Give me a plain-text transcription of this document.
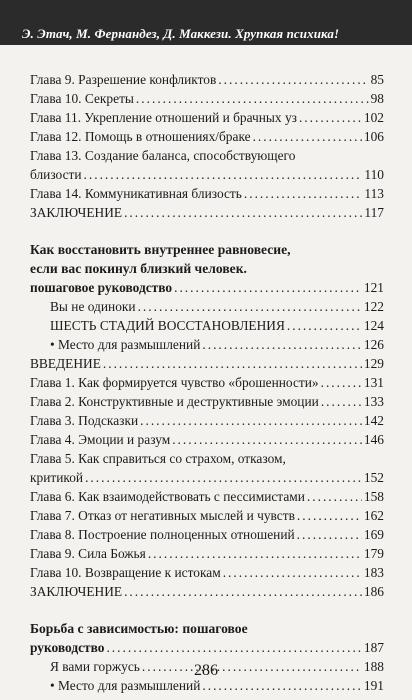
Э. Этач, М. Фернандез, Д. Маккези. Хрупкая психика!
Глава 9. Разрешение конфликтов .....	85
Глава 10. Секреты .....	98
Глава 11. Укрепление отношений и брачных уз .....	102
Глава 12. Помощь в отношениях/браке .....	106
Глава 13. Создание баланса, способствующего
близости .....	110
Глава 14. Коммуникативная близость .....	113
ЗАКЛЮЧЕНИЕ .....	117
Как восстановить внутреннее равновесие,
если вас покинул близкий человек.
пошаговое руководство .....	121
Вы не одиноки .....	122
ШЕСТЬ СТАДИЙ ВОССТАНОВЛЕНИЯ .....	124
•
Место для размышлений .....	126
ВВЕДЕНИЕ .....	129
Глава 1. Как формируется чувство «брошенности» .....	131
Глава 2. Конструктивные и деструктивные эмоции .....	133
Глава 3. Подсказки .....	142
Глава 4. Эмоции и разум .....	146
Глава 5. Как справиться со страхом, отказом,
критикой .....	152
Глава 6. Как взаимодействовать с пессимистами .....	158
Глава 7. Отказ от негативных мыслей и чувств .....	162
Глава 8. Построение полноценных отношений .....	169
Глава 9. Сила Божья .....	179
Глава 10. Возвращение к истокам .....	183
ЗАКЛЮЧЕНИЕ .....	186
Борьба с зависимостью: пошаговое
руководство .....	187
Я вами горжусь .....	188
•
Место для размышлений .....	191
286
